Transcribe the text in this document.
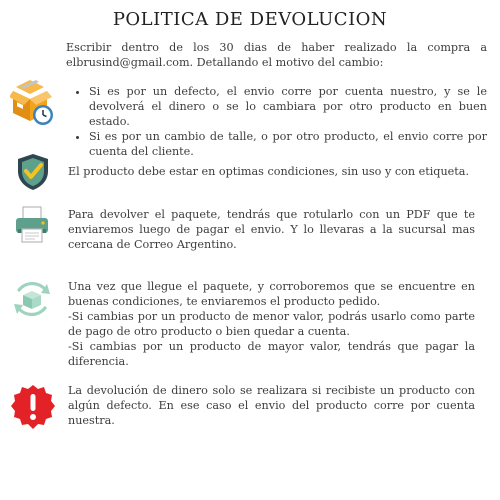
POLITICA DE DEVOLUCION

Escribir dentro de los 30 dias de haber realizado la compra a elbrusind@gmail.com. Detallando el motivo del cambio:

• Si es por un defecto, el envio corre por cuenta nuestro, y se le devolverá el dinero o se lo cambiara por otro producto en buen estado.
• Si es por un cambio de talle, o por otro producto, el envio corre por cuenta del cliente.

El producto debe estar en optimas condiciones, sin uso y con etiqueta.

Para devolver el paquete, tendrás que rotularlo con un PDF que te enviaremos luego de pagar el envio. Y lo llevaras a la sucursal mas cercana de Correo Argentino.

Una vez que llegue el paquete, y corroboremos que se encuentre en buenas condiciones, te enviaremos el producto pedido.

-Si cambias por un producto de menor valor, podrás usarlo como parte de pago de otro producto o bien quedar a cuenta.

-Si cambias por un producto de mayor valor, tendrás que pagar la diferencia.

La devolución de dinero solo se realizara si recibiste un producto con algún defecto. En ese caso el envio del producto corre por cuenta nuestra.
